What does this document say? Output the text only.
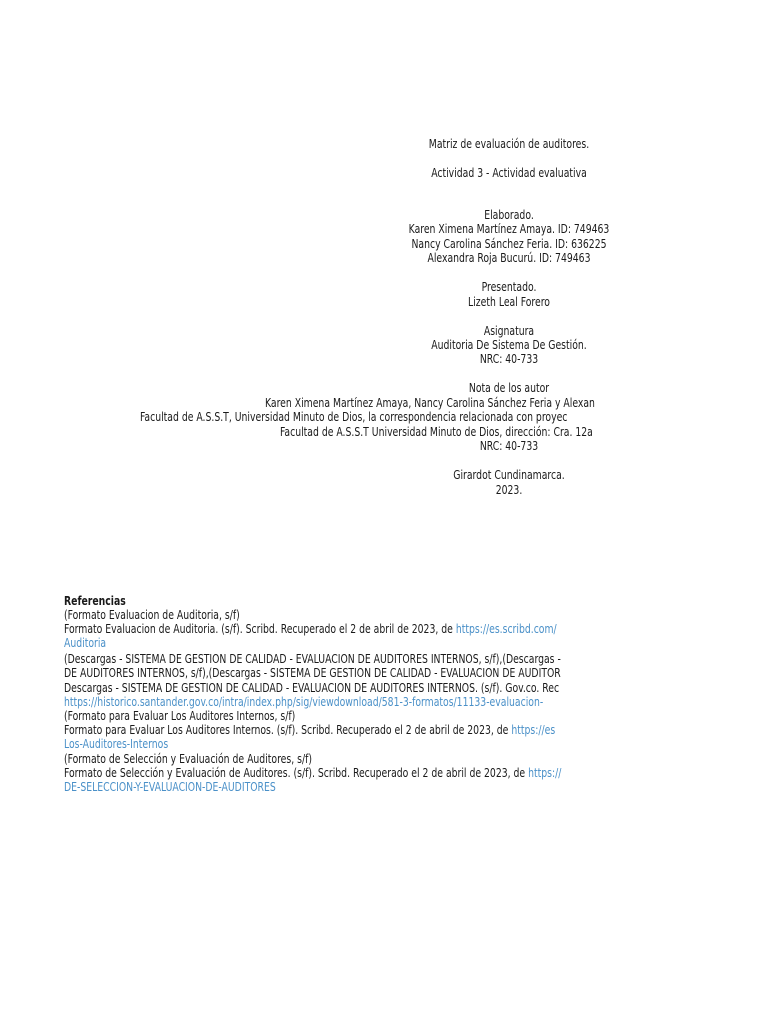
Matriz de evaluación de auditores.
Actividad 3 - Actividad evaluativa
Elaborado.
Karen Ximena Martínez Amaya. ID: 749463
Nancy Carolina Sánchez Feria. ID: 636225
Alexandra Roja Bucurú. ID: 749463
Presentado.
Lizeth Leal Forero
Asignatura
Auditoria De Sistema De Gestión.
NRC: 40-733
Nota de los autor
Karen Ximena Martínez Amaya, Nancy Carolina Sánchez Feria y Alexan
Facultad de A.S.S.T, Universidad Minuto de Dios, la correspondencia relacionada con proyec
Facultad de A.S.S.T Universidad Minuto de Dios, dirección: Cra. 12a
NRC: 40-733
Girardot Cundinamarca.
2023.
Referencias
(Formato Evaluacion de Auditoria, s/f)
Formato Evaluacion de Auditoria. (s/f). Scribd. Recuperado el 2 de abril de 2023, de https://es.scribd.com/
Auditoria
(Descargas - SISTEMA DE GESTION DE CALIDAD - EVALUACION DE AUDITORES INTERNOS, s/f),(Descargas -
DE AUDITORES INTERNOS, s/f),(Descargas - SISTEMA DE GESTION DE CALIDAD - EVALUACION DE AUDITOR
Descargas - SISTEMA DE GESTION DE CALIDAD - EVALUACION DE AUDITORES INTERNOS. (s/f). Gov.co. Rec
https://historico.santander.gov.co/intra/index.php/sig/viewdownload/581-3-formatos/11133-evaluacion-
(Formato para Evaluar Los Auditores Internos, s/f)
Formato para Evaluar Los Auditores Internos. (s/f). Scribd. Recuperado el 2 de abril de 2023, de https://es
Los-Auditores-Internos
(Formato de Selección y Evaluación de Auditores, s/f)
Formato de Selección y Evaluación de Auditores. (s/f). Scribd. Recuperado el 2 de abril de 2023, de https://
DE-SELECCION-Y-EVALUACION-DE-AUDITORES
